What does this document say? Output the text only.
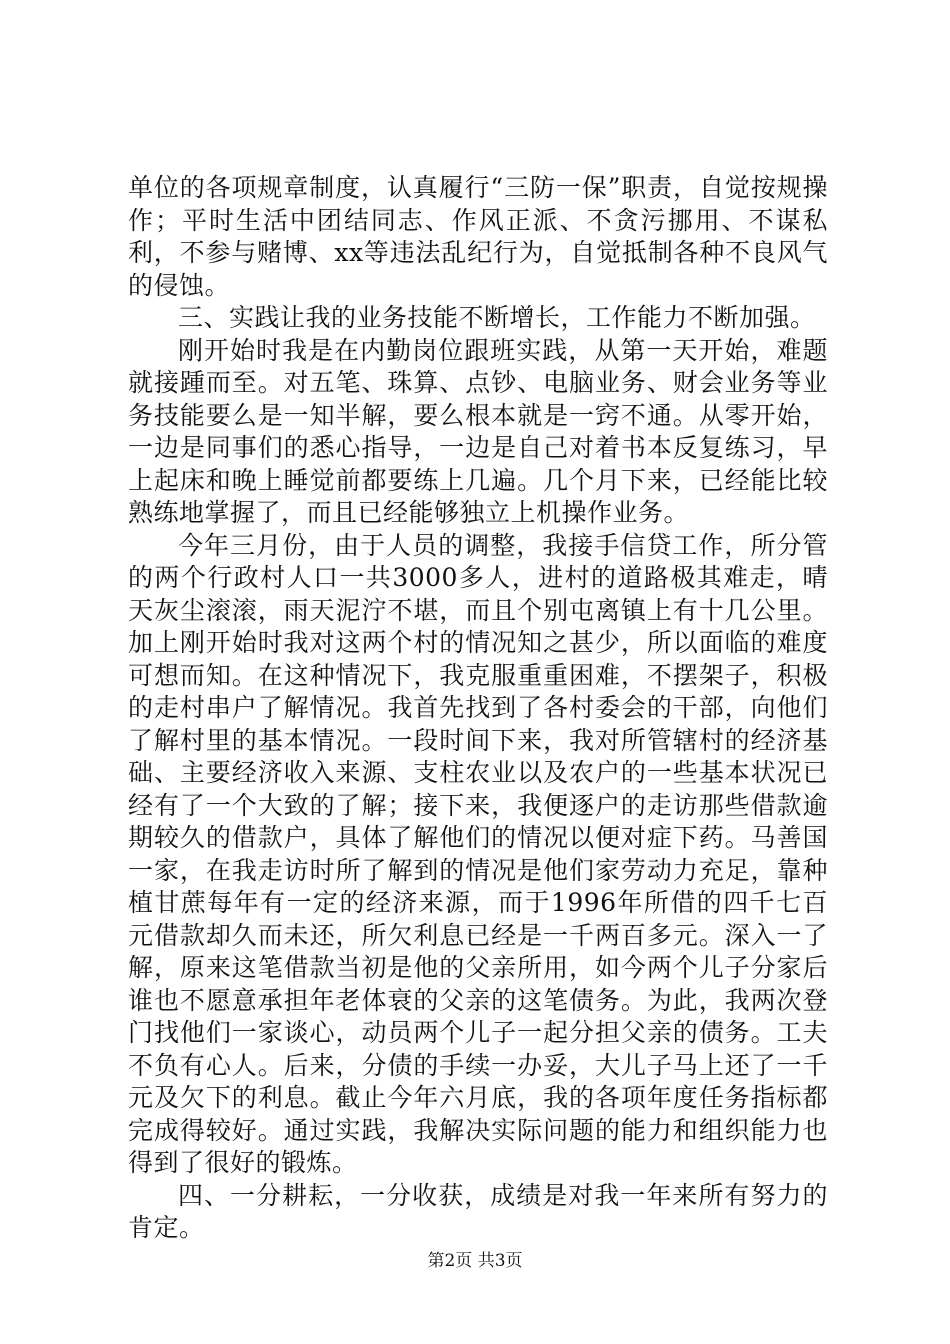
单位的各项规章制度，认真履行“三防一保”职责，自觉按规操作；平时生活中团结同志、作风正派、不贪污挪用、不谋私利，不参与赌博、xx等违法乱纪行为，自觉抵制各种不良风气的侵蚀。

三、实践让我的业务技能不断增长，工作能力不断加强。

刚开始时我是在内勤岗位跟班实践，从第一天开始，难题就接踵而至。对五笔、珠算、点钞、电脑业务、财会业务等业务技能要么是一知半解，要么根本就是一窍不通。从零开始，一边是同事们的悉心指导，一边是自己对着书本反复练习，早上起床和晚上睡觉前都要练上几遍。几个月下来，已经能比较熟练地掌握了，而且已经能够独立上机操作业务。

今年三月份，由于人员的调整，我接手信贷工作，所分管的两个行政村人口一共3000多人，进村的道路极其难走，晴天灰尘滚滚，雨天泥泞不堪，而且个别屯离镇上有十几公里。加上刚开始时我对这两个村的情况知之甚少，所以面临的难度可想而知。在这种情况下，我克服重重困难，不摆架子，积极的走村串户了解情况。我首先找到了各村委会的干部，向他们了解村里的基本情况。一段时间下来，我对所管辖村的经济基础、主要经济收入来源、支柱农业以及农户的一些基本状况已经有了一个大致的了解；接下来，我便逐户的走访那些借款逾期较久的借款户，具体了解他们的情况以便对症下药。马善国一家，在我走访时所了解到的情况是他们家劳动力充足，靠种植甘蔗每年有一定的经济来源，而于1996年所借的四千七百元借款却久而未还，所欠利息已经是一千两百多元。深入一了解，原来这笔借款当初是他的父亲所用，如今两个儿子分家后谁也不愿意承担年老体衰的父亲的这笔债务。为此，我两次登门找他们一家谈心，动员两个儿子一起分担父亲的债务。工夫不负有心人。后来，分债的手续一办妥，大儿子马上还了一千元及欠下的利息。截止今年六月底，我的各项年度任务指标都完成得较好。通过实践，我解决实际问题的能力和组织能力也得到了很好的锻炼。

四、一分耕耘，一分收获，成绩是对我一年来所有努力的肯定。

第2页 共3页
